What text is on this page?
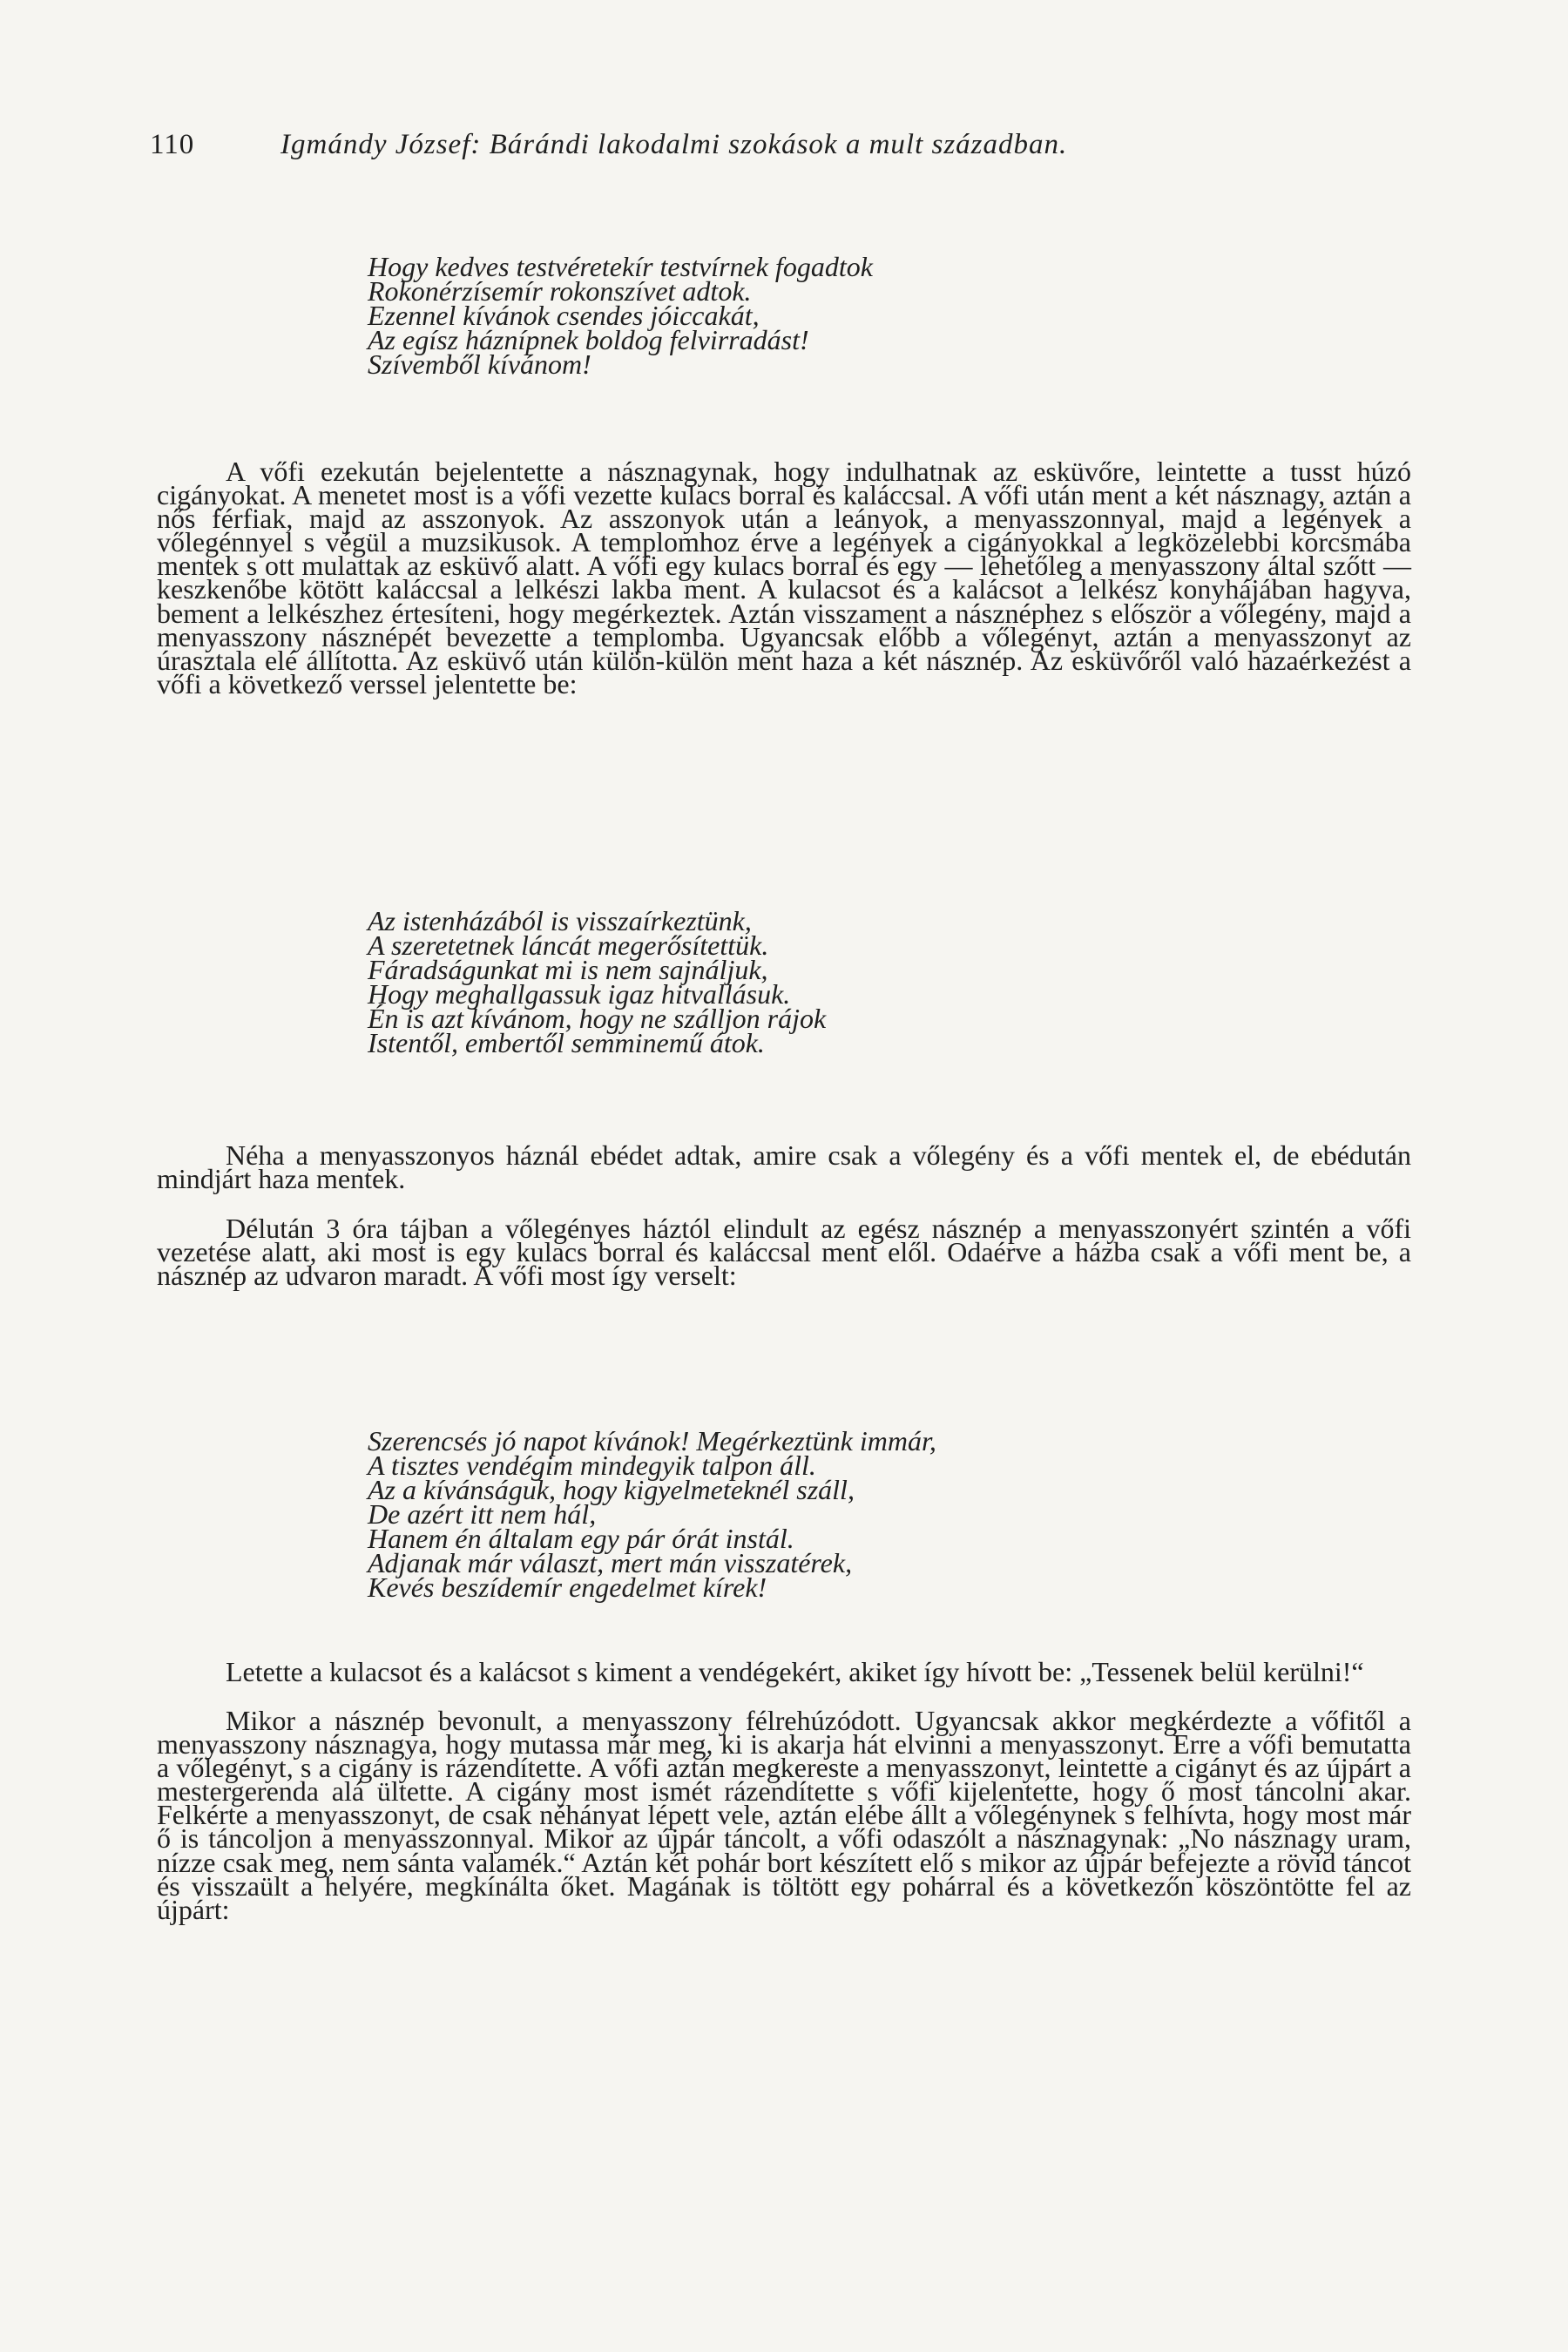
110	Igmándy József: Bárándi lakodalmi szokások a mult században.
Hogy kedves testvéretekír testvírnek fogadtok
Rokonérzísemír rokonszívet adtok.
Ezennel kívánok csendes jóiccakát,
Az egísz háznípnek boldog felvirradást!
Szívemből kívánom!

A vőfi ezekután bejelentette a násznagynak, hogy indulhatnak az esküvőre, leintette a tusst húzó cigányokat. A menetet most is a vőfi vezette kulacs borral és kaláccsal. A vőfi után ment a két násznagy, aztán a nős férfiak, majd az asszonyok. Az asszonyok után a leányok, a menyasszonnyal, majd a legények a vőlegénnyel s végül a muzsikusok. A templomhoz érve a legények a cigányokkal a legközelebbi korcsmába mentek s ott mulattak az esküvő alatt. A vőfi egy kulacs borral és egy — lehetőleg a menyasszony által szőtt — keszkenőbe kötött kaláccsal a lelkészi lakba ment. A kulacsot és a kalácsot a lelkész konyhájában hagyva, bement a lelkészhez értesíteni, hogy megérkeztek. Aztán visszament a násznéphez s először a vőlegény, majd a menyasszony násznépét bevezette a templomba. Ugyancsak előbb a vőlegényt, aztán a menyasszonyt az úrasztala elé állította. Az esküvő után külön-külön ment haza a két násznép. Az esküvőről való hazaérkezést a vőfi a következő verssel jelentette be:

Az istenházából is visszaírkeztünk,
A szeretetnek láncát megerősítettük.
Fáradságunkat mi is nem sajnáljuk,
Hogy meghallgassuk igaz hitvallásuk.
Én is azt kívánom, hogy ne szálljon rájok
Istentől, embertől semminemű átok.

Néha a menyasszonyos háznál ebédet adtak, amire csak a vőlegény és a vőfi mentek el, de ebédután mindjárt haza mentek.

Délután 3 óra tájban a vőlegényes háztól elindult az egész násznép a menyasszonyért szintén a vőfi vezetése alatt, aki most is egy kulacs borral és kaláccsal ment elől. Odaérve a házba csak a vőfi ment be, a násznép az udvaron maradt. A vőfi most így verselt:

Szerencsés jó napot kívánok! Megérkeztünk immár,
A tisztes vendégim mindegyik talpon áll.
Az a kívánságuk, hogy kigyelmeteknél száll,
De azért itt nem hál,
Hanem én általam egy pár órát instál.
Adjanak már választ, mert mán visszatérek,
Kevés beszídemír engedelmet kírek!

Letette a kulacsot és a kalácsot s kiment a vendégekért, akiket így hívott be: „Tessenek belül kerülni!“

Mikor a násznép bevonult, a menyasszony félrehúzódott. Ugyancsak akkor megkérdezte a vőfitől a menyasszony násznagya, hogy mutassa már meg, ki is akarja hát elvinni a menyasszonyt. Erre a vőfi bemutatta a vőlegényt, s a cigány is rázendítette. A vőfi aztán megkereste a menyasszonyt, leintette a cigányt és az újpárt a mestergerenda alá ültette. A cigány most ismét rázendítette s vőfi kijelentette, hogy ő most táncolni akar. Felkérte a menyasszonyt, de csak néhányat lépett vele, aztán elébe állt a vőlegénynek s felhívta, hogy most már ő is táncoljon a menyasszonnyal. Mikor az újpár táncolt, a vőfi odaszólt a násznagynak: „No násznagy uram, nízze csak meg, nem sánta valamék.“ Aztán két pohár bort készített elő s mikor az újpár befejezte a rövid táncot és visszaült a helyére, megkínálta őket. Magának is töltött egy pohárral és a következőn köszöntötte fel az újpárt:
